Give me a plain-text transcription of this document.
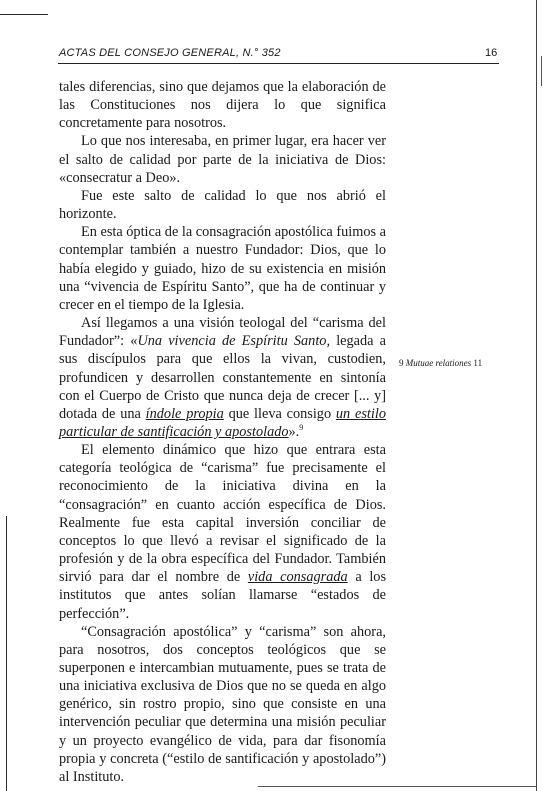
ACTAS DEL CONSEJO GENERAL, N.° 352	16

tales diferencias, sino que dejamos que la elaboración de las Constituciones nos dijera lo que significa concretamente para nosotros.

Lo que nos interesaba, en primer lugar, era hacer ver el salto de calidad por parte de la iniciativa de Dios: «consecratur a Deo».

Fue este salto de calidad lo que nos abrió el horizonte.

En esta óptica de la consagración apostólica fuimos a contemplar también a nuestro Fundador: Dios, que lo había elegido y guiado, hizo de su existencia en misión una “vivencia de Espíritu Santo”, que ha de continuar y crecer en el tiempo de la Iglesia.

Así llegamos a una visión teologal del “carisma del Fundador”: «Una vivencia de Espíritu Santo, legada a sus discípulos para que ellos la vivan, custodien, profundicen y desarrollen constantemente en sintonía con el Cuerpo de Cristo que nunca deja de crecer [... y] dotada de una índole propia que lleva consigo un estilo particular de santificación y apostolado».$^9$

El elemento dinámico que hizo que entrara esta categoría teológica de “carisma” fue precisamente el reconocimiento de la iniciativa divina en la “consagración” en cuanto acción específica de Dios. Realmente fue esta capital inversión conciliar de conceptos lo que llevó a revisar el significado de la profesión y de la obra específica del Fundador. También sirvió para dar el nombre de vida consagrada a los institutos que antes solían llamarse “estados de perfección”.

“Consagración apostólica” y “carisma” son ahora, para nosotros, dos conceptos teológicos que se superponen e intercambian mutuamente, pues se trata de una iniciativa exclusiva de Dios que no se queda en algo genérico, sin rostro propio, sino que consiste en una intervención peculiar que determina una misión peculiar y un proyecto evangélico de vida, para dar fisonomía propia y concreta (“estilo de santificación y apostolado”) al Instituto.

9 Mutuae relationes 11
